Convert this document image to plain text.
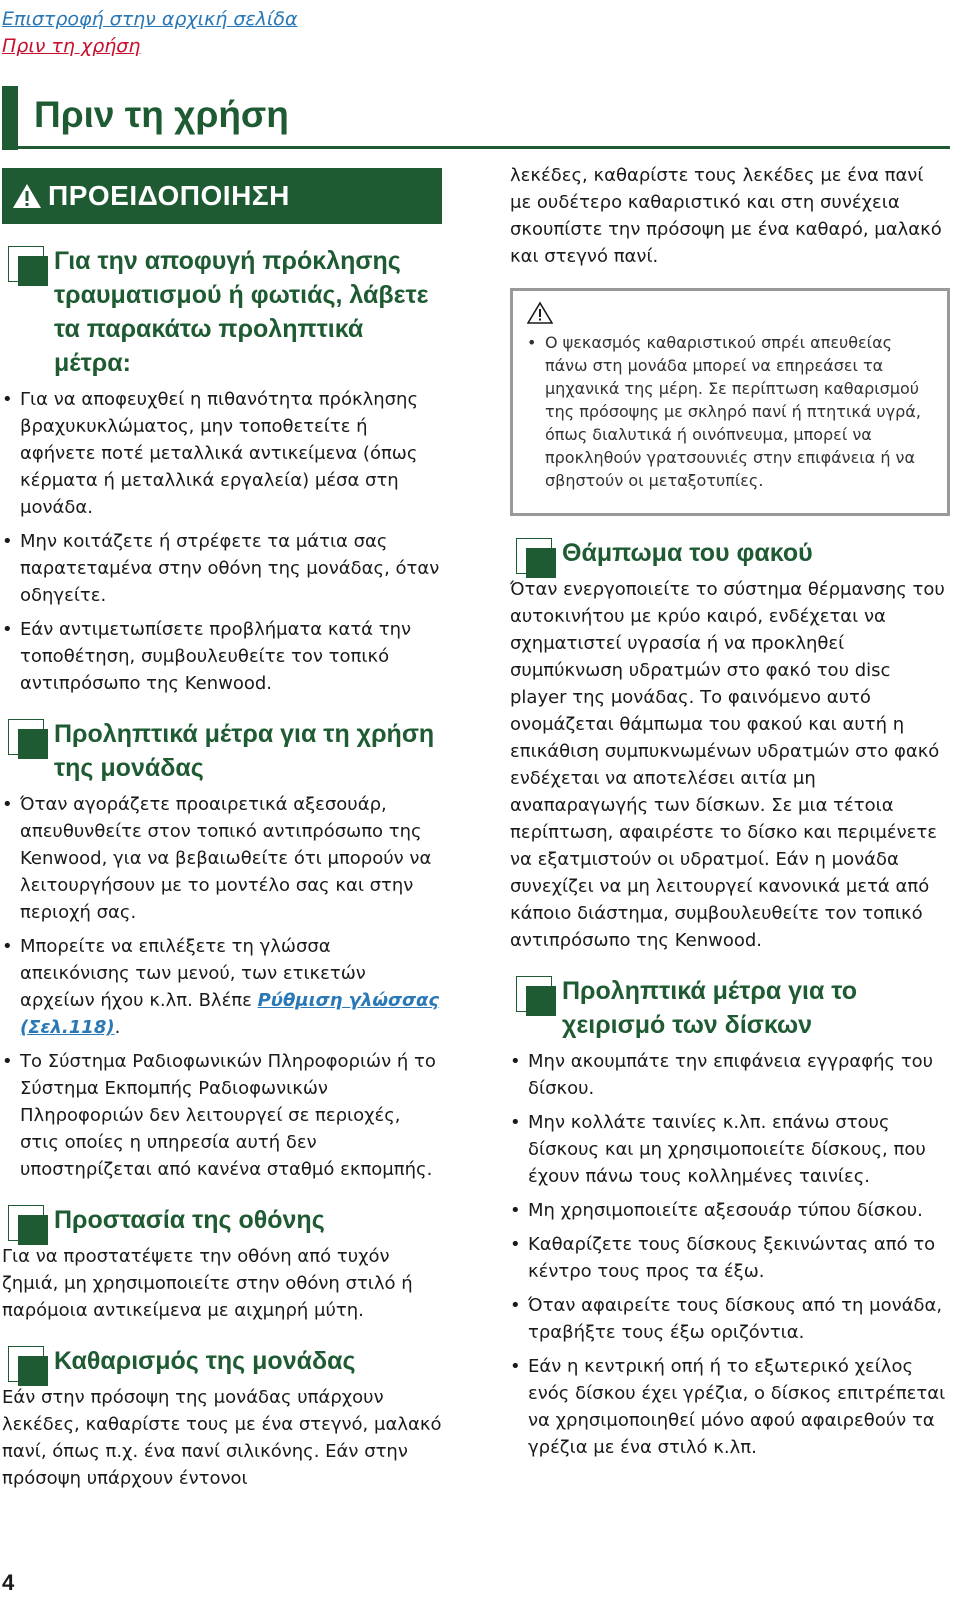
Επιστροφή στην αρχική σελίδα
Πριν τη χρήση
Πριν τη χρήση
ΠΡΟΕΙΔΟΠΟΙΗΣΗ
Για την αποφυγή πρόκλησης τραυματισμού ή φωτιάς, λάβετε τα παρακάτω προληπτικά μέτρα:
• Για να αποφευχθεί η πιθανότητα πρόκλησης βραχυκυκλώματος, μην τοποθετείτε ή αφήνετε ποτέ μεταλλικά αντικείμενα (όπως κέρματα ή μεταλλικά εργαλεία) μέσα στη μονάδα.
• Μην κοιτάζετε ή στρέφετε τα μάτια σας παρατεταμένα στην οθόνη της μονάδας, όταν οδηγείτε.
• Εάν αντιμετωπίσετε προβλήματα κατά την τοποθέτηση, συμβουλευθείτε τον τοπικό αντιπρόσωπο της Kenwood.
Προληπτικά μέτρα για τη χρήση της μονάδας
• Όταν αγοράζετε προαιρετικά αξεσουάρ, απευθυνθείτε στον τοπικό αντιπρόσωπο της Kenwood, για να βεβαιωθείτε ότι μπορούν να λειτουργήσουν με το μοντέλο σας και στην περιοχή σας.
• Μπορείτε να επιλέξετε τη γλώσσα απεικόνισης των μενού, των ετικετών αρχείων ήχου κ.λπ. Βλέπε Ρύθμιση γλώσσας (Σελ.118).
• Το Σύστημα Ραδιοφωνικών Πληροφοριών ή το Σύστημα Εκπομπής Ραδιοφωνικών Πληροφοριών δεν λειτουργεί σε περιοχές, στις οποίες η υπηρεσία αυτή δεν υποστηρίζεται από κανένα σταθμό εκπομπής.
Προστασία της οθόνης

Για να προστατέψετε την οθόνη από τυχόν ζημιά, μη χρησιμοποιείτε στην οθόνη στιλό ή παρόμοια αντικείμενα με αιχμηρή μύτη.

Καθαρισμός της μονάδας

Εάν στην πρόσοψη της μονάδας υπάρχουν λεκέδες, καθαρίστε τους με ένα στεγνό, μαλακό πανί, όπως π.χ. ένα πανί σιλικόνης. Εάν στην πρόσοψη υπάρχουν έντονοι

λεκέδες, καθαρίστε τους λεκέδες με ένα πανί με ουδέτερο καθαριστικό και στη συνέχεια σκουπίστε την πρόσοψη με ένα καθαρό, μαλακό και στεγνό πανί.

• Ο ψεκασμός καθαριστικού σπρέι απευθείας πάνω στη μονάδα μπορεί να επηρεάσει τα μηχανικά της μέρη. Σε περίπτωση καθαρισμού της πρόσοψης με σκληρό πανί ή πτητικά υγρά, όπως διαλυτικά ή οινόπνευμα, μπορεί να προκληθούν γρατσουνιές στην επιφάνεια ή να σβηστούν οι μεταξοτυπίες.
Θάμπωμα του φακού

Όταν ενεργοποιείτε το σύστημα θέρμανσης του αυτοκινήτου με κρύο καιρό, ενδέχεται να σχηματιστεί υγρασία ή να προκληθεί συμπύκνωση υδρατμών στο φακό του disc player της μονάδας. Το φαινόμενο αυτό ονομάζεται θάμπωμα του φακού και αυτή η επικάθιση συμπυκνωμένων υδρατμών στο φακό ενδέχεται να αποτελέσει αιτία μη αναπαραγωγής των δίσκων. Σε μια τέτοια περίπτωση, αφαιρέστε το δίσκο και περιμένετε να εξατμιστούν οι υδρατμοί. Εάν η μονάδα συνεχίζει να μη λειτουργεί κανονικά μετά από κάποιο διάστημα, συμβουλευθείτε τον τοπικό αντιπρόσωπο της Kenwood.

Προληπτικά μέτρα για το χειρισμό των δίσκων
• Μην ακουμπάτε την επιφάνεια εγγραφής του δίσκου.
• Μην κολλάτε ταινίες κ.λπ. επάνω στους δίσκους και μη χρησιμοποιείτε δίσκους, που έχουν πάνω τους κολλημένες ταινίες.
• Μη χρησιμοποιείτε αξεσουάρ τύπου δίσκου.
• Καθαρίζετε τους δίσκους ξεκινώντας από το κέντρο τους προς τα έξω.
• Όταν αφαιρείτε τους δίσκους από τη μονάδα, τραβήξτε τους έξω οριζόντια.
• Εάν η κεντρική οπή ή το εξωτερικό χείλος ενός δίσκου έχει γρέζια, ο δίσκος επιτρέπεται να χρησιμοποιηθεί μόνο αφού αφαιρεθούν τα γρέζια με ένα στιλό κ.λπ.
4
